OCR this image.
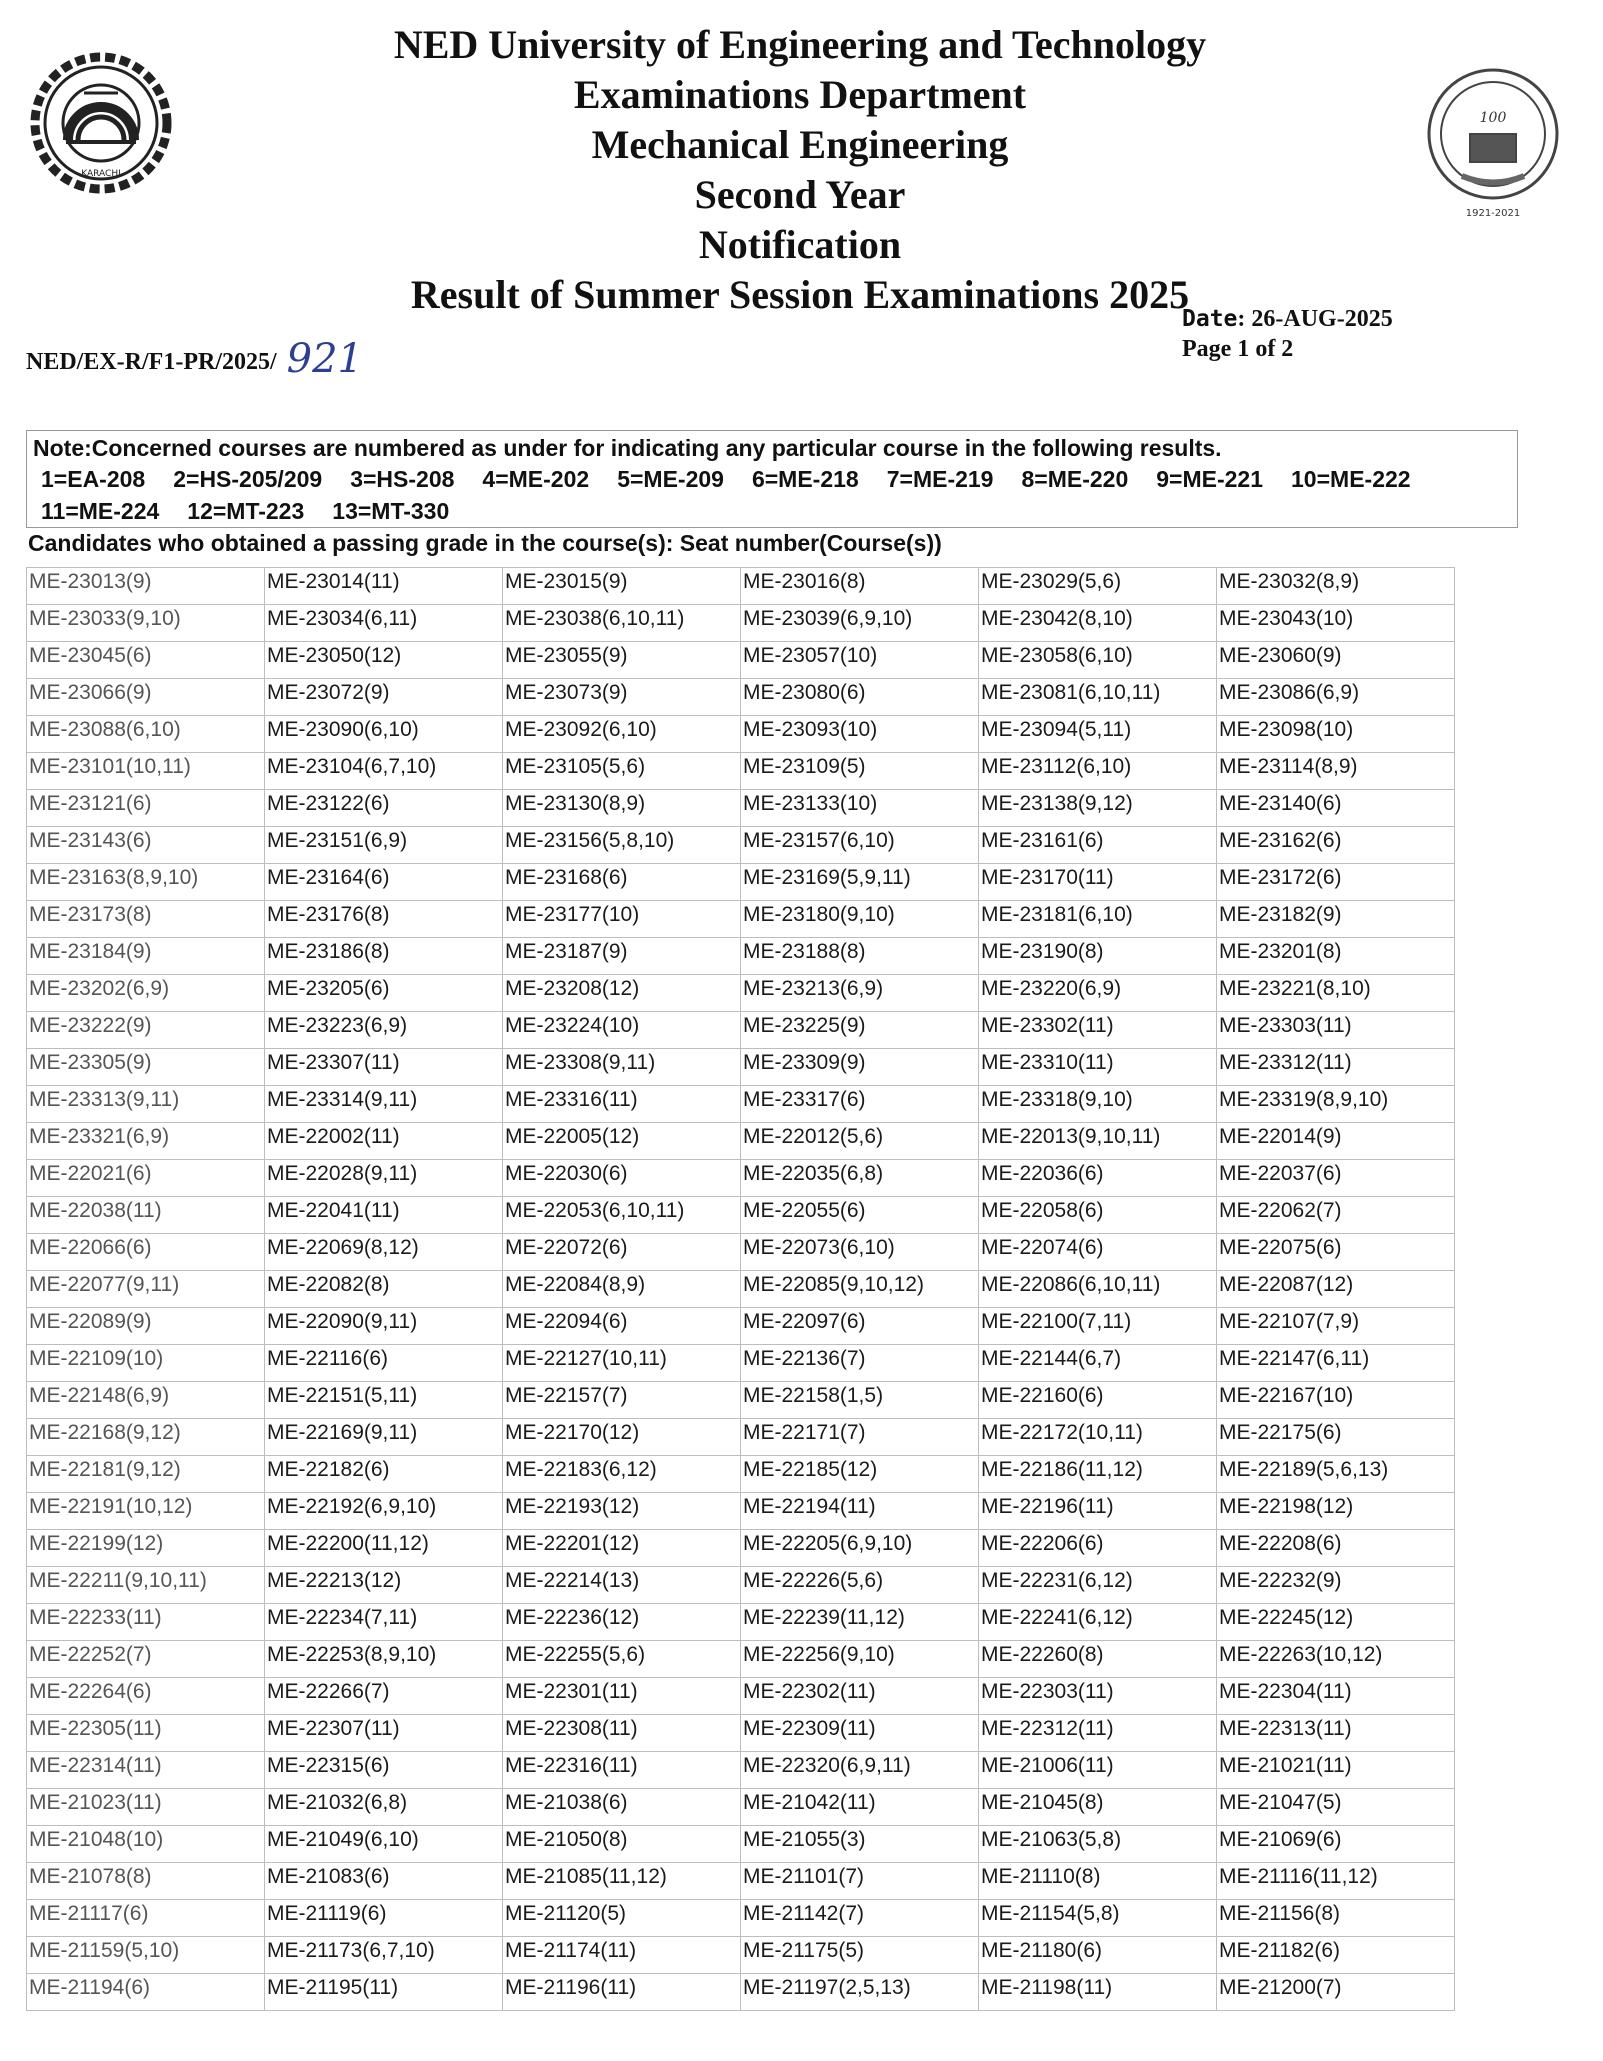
KARACHI
100
1921-2021
NED University of Engineering and Technology
Examinations Department
Mechanical Engineering
Second Year
Notification
Result of Summer Session Examinations 2025
NED/EX-R/F1-PR/2025/ 921
Date: 26-AUG-2025
Page 1 of 2
Note:Concerned courses are numbered as under for indicating any particular course in the following results.
1=EA-208 2=HS-205/209 3=HS-208 4=ME-202 5=ME-209 6=ME-218 7=ME-219 8=ME-220 9=ME-221 10=ME-222
11=ME-224 12=MT-223 13=MT-330
Candidates who obtained a passing grade in the course(s): Seat number(Course(s))
ME-23013(9)	ME-23014(11)	ME-23015(9)	ME-23016(8)	ME-23029(5,6)	ME-23032(8,9)
ME-23033(9,10)	ME-23034(6,11)	ME-23038(6,10,11)	ME-23039(6,9,10)	ME-23042(8,10)	ME-23043(10)
ME-23045(6)	ME-23050(12)	ME-23055(9)	ME-23057(10)	ME-23058(6,10)	ME-23060(9)
ME-23066(9)	ME-23072(9)	ME-23073(9)	ME-23080(6)	ME-23081(6,10,11)	ME-23086(6,9)
ME-23088(6,10)	ME-23090(6,10)	ME-23092(6,10)	ME-23093(10)	ME-23094(5,11)	ME-23098(10)
ME-23101(10,11)	ME-23104(6,7,10)	ME-23105(5,6)	ME-23109(5)	ME-23112(6,10)	ME-23114(8,9)
ME-23121(6)	ME-23122(6)	ME-23130(8,9)	ME-23133(10)	ME-23138(9,12)	ME-23140(6)
ME-23143(6)	ME-23151(6,9)	ME-23156(5,8,10)	ME-23157(6,10)	ME-23161(6)	ME-23162(6)
ME-23163(8,9,10)	ME-23164(6)	ME-23168(6)	ME-23169(5,9,11)	ME-23170(11)	ME-23172(6)
ME-23173(8)	ME-23176(8)	ME-23177(10)	ME-23180(9,10)	ME-23181(6,10)	ME-23182(9)
ME-23184(9)	ME-23186(8)	ME-23187(9)	ME-23188(8)	ME-23190(8)	ME-23201(8)
ME-23202(6,9)	ME-23205(6)	ME-23208(12)	ME-23213(6,9)	ME-23220(6,9)	ME-23221(8,10)
ME-23222(9)	ME-23223(6,9)	ME-23224(10)	ME-23225(9)	ME-23302(11)	ME-23303(11)
ME-23305(9)	ME-23307(11)	ME-23308(9,11)	ME-23309(9)	ME-23310(11)	ME-23312(11)
ME-23313(9,11)	ME-23314(9,11)	ME-23316(11)	ME-23317(6)	ME-23318(9,10)	ME-23319(8,9,10)
ME-23321(6,9)	ME-22002(11)	ME-22005(12)	ME-22012(5,6)	ME-22013(9,10,11)	ME-22014(9)
ME-22021(6)	ME-22028(9,11)	ME-22030(6)	ME-22035(6,8)	ME-22036(6)	ME-22037(6)
ME-22038(11)	ME-22041(11)	ME-22053(6,10,11)	ME-22055(6)	ME-22058(6)	ME-22062(7)
ME-22066(6)	ME-22069(8,12)	ME-22072(6)	ME-22073(6,10)	ME-22074(6)	ME-22075(6)
ME-22077(9,11)	ME-22082(8)	ME-22084(8,9)	ME-22085(9,10,12)	ME-22086(6,10,11)	ME-22087(12)
ME-22089(9)	ME-22090(9,11)	ME-22094(6)	ME-22097(6)	ME-22100(7,11)	ME-22107(7,9)
ME-22109(10)	ME-22116(6)	ME-22127(10,11)	ME-22136(7)	ME-22144(6,7)	ME-22147(6,11)
ME-22148(6,9)	ME-22151(5,11)	ME-22157(7)	ME-22158(1,5)	ME-22160(6)	ME-22167(10)
ME-22168(9,12)	ME-22169(9,11)	ME-22170(12)	ME-22171(7)	ME-22172(10,11)	ME-22175(6)
ME-22181(9,12)	ME-22182(6)	ME-22183(6,12)	ME-22185(12)	ME-22186(11,12)	ME-22189(5,6,13)
ME-22191(10,12)	ME-22192(6,9,10)	ME-22193(12)	ME-22194(11)	ME-22196(11)	ME-22198(12)
ME-22199(12)	ME-22200(11,12)	ME-22201(12)	ME-22205(6,9,10)	ME-22206(6)	ME-22208(6)
ME-22211(9,10,11)	ME-22213(12)	ME-22214(13)	ME-22226(5,6)	ME-22231(6,12)	ME-22232(9)
ME-22233(11)	ME-22234(7,11)	ME-22236(12)	ME-22239(11,12)	ME-22241(6,12)	ME-22245(12)
ME-22252(7)	ME-22253(8,9,10)	ME-22255(5,6)	ME-22256(9,10)	ME-22260(8)	ME-22263(10,12)
ME-22264(6)	ME-22266(7)	ME-22301(11)	ME-22302(11)	ME-22303(11)	ME-22304(11)
ME-22305(11)	ME-22307(11)	ME-22308(11)	ME-22309(11)	ME-22312(11)	ME-22313(11)
ME-22314(11)	ME-22315(6)	ME-22316(11)	ME-22320(6,9,11)	ME-21006(11)	ME-21021(11)
ME-21023(11)	ME-21032(6,8)	ME-21038(6)	ME-21042(11)	ME-21045(8)	ME-21047(5)
ME-21048(10)	ME-21049(6,10)	ME-21050(8)	ME-21055(3)	ME-21063(5,8)	ME-21069(6)
ME-21078(8)	ME-21083(6)	ME-21085(11,12)	ME-21101(7)	ME-21110(8)	ME-21116(11,12)
ME-21117(6)	ME-21119(6)	ME-21120(5)	ME-21142(7)	ME-21154(5,8)	ME-21156(8)
ME-21159(5,10)	ME-21173(6,7,10)	ME-21174(11)	ME-21175(5)	ME-21180(6)	ME-21182(6)
ME-21194(6)	ME-21195(11)	ME-21196(11)	ME-21197(2,5,13)	ME-21198(11)	ME-21200(7)
